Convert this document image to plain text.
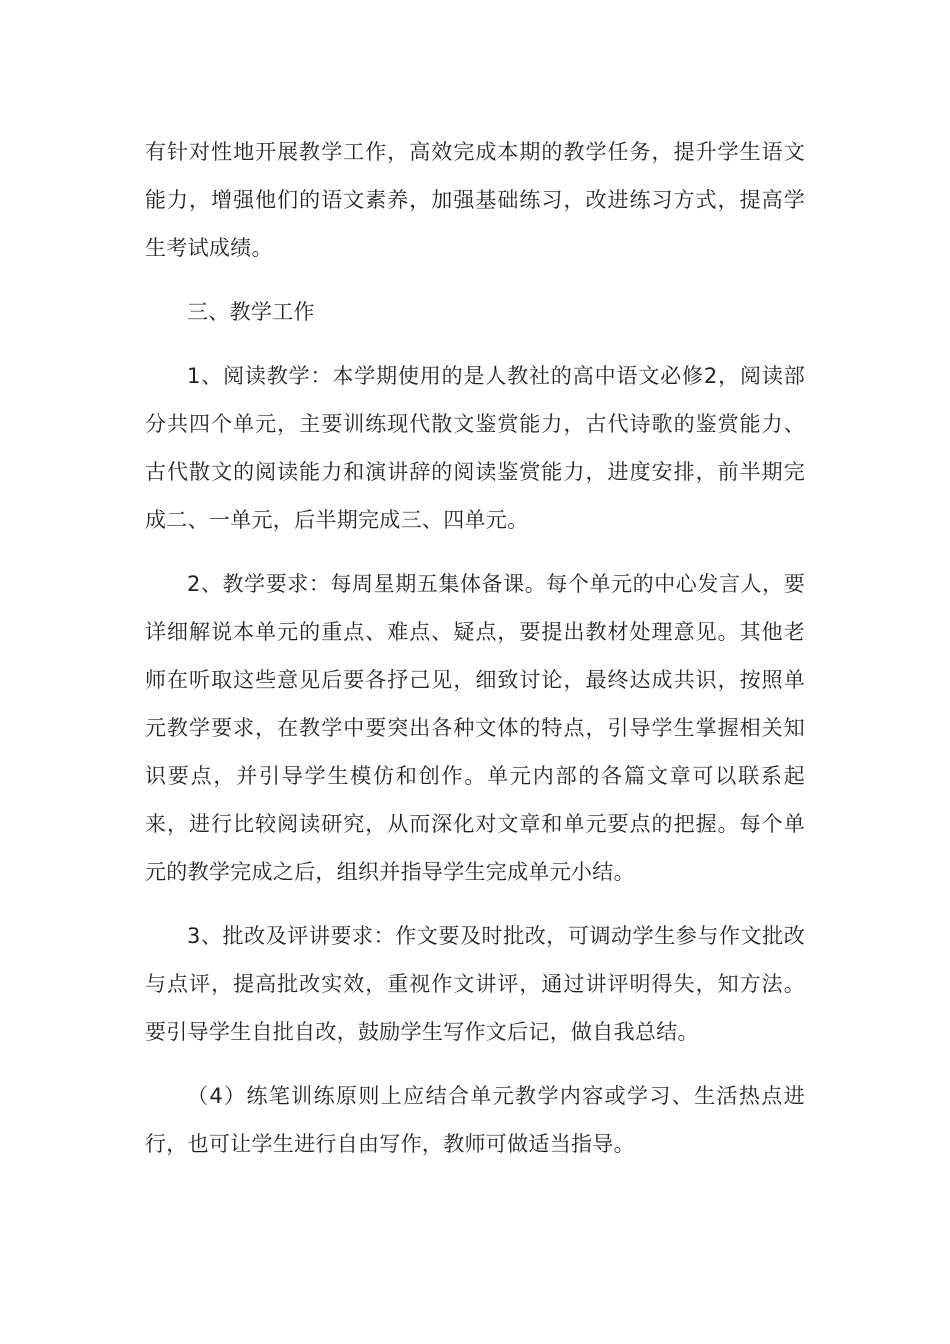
有针对性地开展教学工作，高效完成本期的教学任务，提升学生语文能力，增强他们的语文素养，加强基础练习，改进练习方式，提高学生考试成绩。

三、教学工作

1、阅读教学：本学期使用的是人教社的高中语文必修2，阅读部分共四个单元，主要训练现代散文鉴赏能力，古代诗歌的鉴赏能力、古代散文的阅读能力和演讲辞的阅读鉴赏能力，进度安排，前半期完成二、一单元，后半期完成三、四单元。

2、教学要求：每周星期五集体备课。每个单元的中心发言人，要详细解说本单元的重点、难点、疑点，要提出教材处理意见。其他老师在听取这些意见后要各抒己见，细致讨论，最终达成共识，按照单元教学要求，在教学中要突出各种文体的特点，引导学生掌握相关知识要点，并引导学生模仿和创作。单元内部的各篇文章可以联系起来，进行比较阅读研究，从而深化对文章和单元要点的把握。每个单元的教学完成之后，组织并指导学生完成单元小结。

3、批改及评讲要求：作文要及时批改，可调动学生参与作文批改与点评，提高批改实效，重视作文讲评，通过讲评明得失，知方法。要引导学生自批自改，鼓励学生写作文后记，做自我总结。

（4）练笔训练原则上应结合单元教学内容或学习、生活热点进行，也可让学生进行自由写作，教师可做适当指导。
